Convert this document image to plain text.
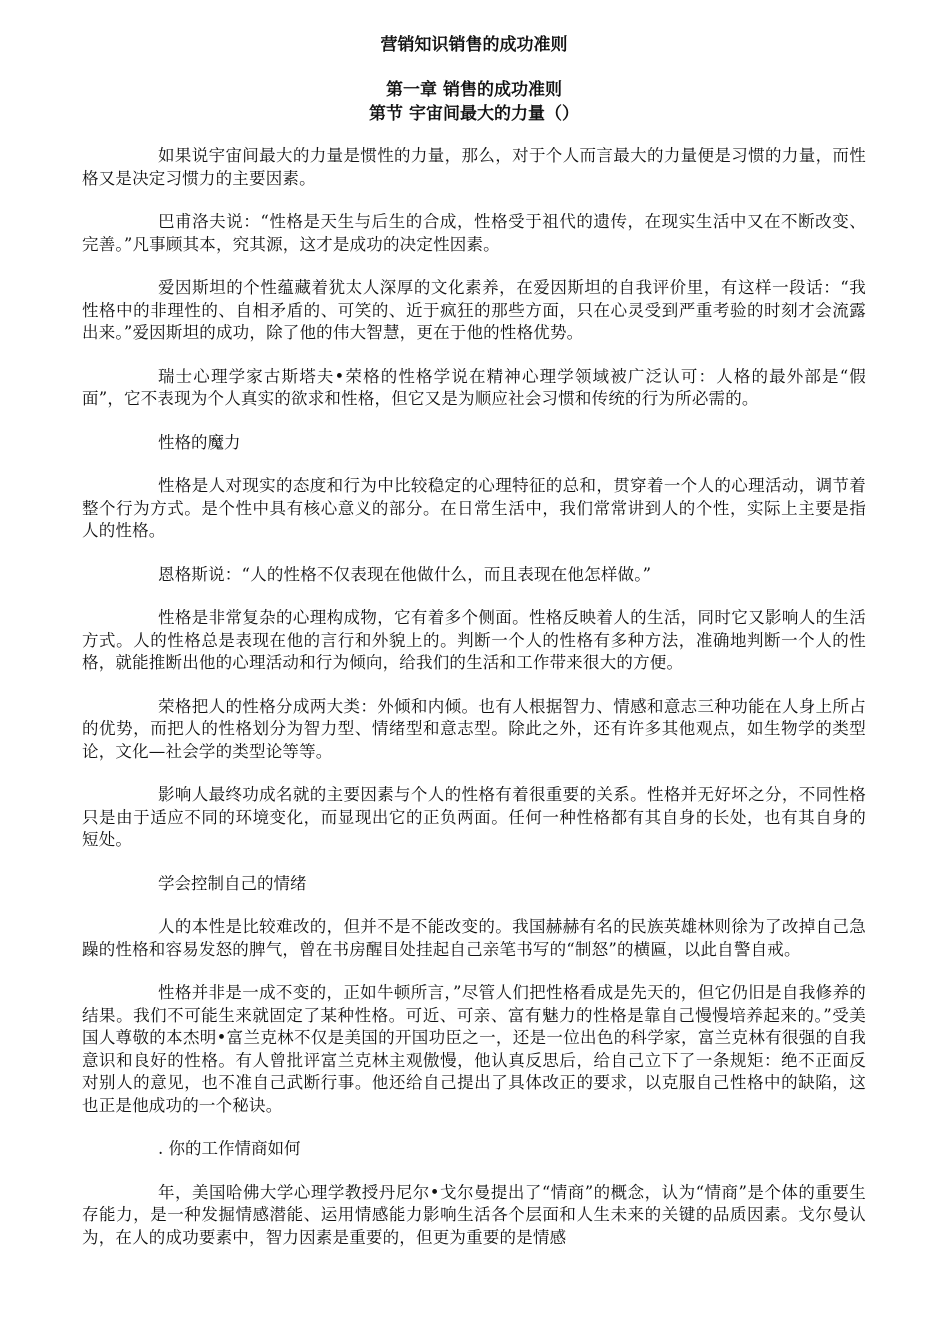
营销知识销售的成功准则
第一章 销售的成功准则
第节 宇宙间最大的力量（）

如果说宇宙间最大的力量是惯性的力量，那么，对于个人而言最大的力量便是习惯的力量，而性格又是决定习惯力的主要因素。

巴甫洛夫说：“性格是天生与后生的合成，性格受于祖代的遗传，在现实生活中又在不断改变、完善。”凡事顾其本，究其源，这才是成功的决定性因素。

爱因斯坦的个性蕴藏着犹太人深厚的文化素养，在爱因斯坦的自我评价里，有这样一段话：“我性格中的非理性的、自相矛盾的、可笑的、近于疯狂的那些方面，只在心灵受到严重考验的时刻才会流露出来。”爱因斯坦的成功，除了他的伟大智慧，更在于他的性格优势。

瑞士心理学家古斯塔夫•荣格的性格学说在精神心理学领域被广泛认可：人格的最外部是“假面”，它不表现为个人真实的欲求和性格，但它又是为顺应社会习惯和传统的行为所必需的。

性格的魔力

性格是人对现实的态度和行为中比较稳定的心理特征的总和，贯穿着一个人的心理活动，调节着整个行为方式。是个性中具有核心意义的部分。在日常生活中，我们常常讲到人的个性，实际上主要是指人的性格。

恩格斯说：“人的性格不仅表现在他做什么，而且表现在他怎样做。”

性格是非常复杂的心理构成物，它有着多个侧面。性格反映着人的生活，同时它又影响人的生活方式。人的性格总是表现在他的言行和外貌上的。判断一个人的性格有多种方法，准确地判断一个人的性格，就能推断出他的心理活动和行为倾向，给我们的生活和工作带来很大的方便。

荣格把人的性格分成两大类：外倾和内倾。也有人根据智力、情感和意志三种功能在人身上所占的优势，而把人的性格划分为智力型、情绪型和意志型。除此之外，还有许多其他观点，如生物学的类型论，文化—社会学的类型论等等。

影响人最终功成名就的主要因素与个人的性格有着很重要的关系。性格并无好坏之分，不同性格只是由于适应不同的环境变化，而显现出它的正负两面。任何一种性格都有其自身的长处，也有其自身的短处。

学会控制自己的情绪

人的本性是比较难改的，但并不是不能改变的。我国赫赫有名的民族英雄林则徐为了改掉自己急躁的性格和容易发怒的脾气，曾在书房醒目处挂起自己亲笔书写的“制怒”的横匾，以此自警自戒。

性格并非是一成不变的，正如牛顿所言，”尽管人们把性格看成是先天的，但它仍旧是自我修养的结果。我们不可能生来就固定了某种性格。可近、可亲、富有魅力的性格是靠自己慢慢培养起来的。”受美国人尊敬的本杰明•富兰克林不仅是美国的开国功臣之一，还是一位出色的科学家，富兰克林有很强的自我意识和良好的性格。有人曾批评富兰克林主观傲慢，他认真反思后，给自己立下了一条规矩：绝不正面反对别人的意见，也不准自己武断行事。他还给自己提出了具体改正的要求，以克服自己性格中的缺陷，这也正是他成功的一个秘诀。

. 你的工作情商如何

年，美国哈佛大学心理学教授丹尼尔•戈尔曼提出了“情商”的概念，认为“情商”是个体的重要生存能力，是一种发掘情感潜能、运用情感能力影响生活各个层面和人生未来的关键的品质因素。戈尔曼认为，在人的成功要素中，智力因素是重要的，但更为重要的是情感
